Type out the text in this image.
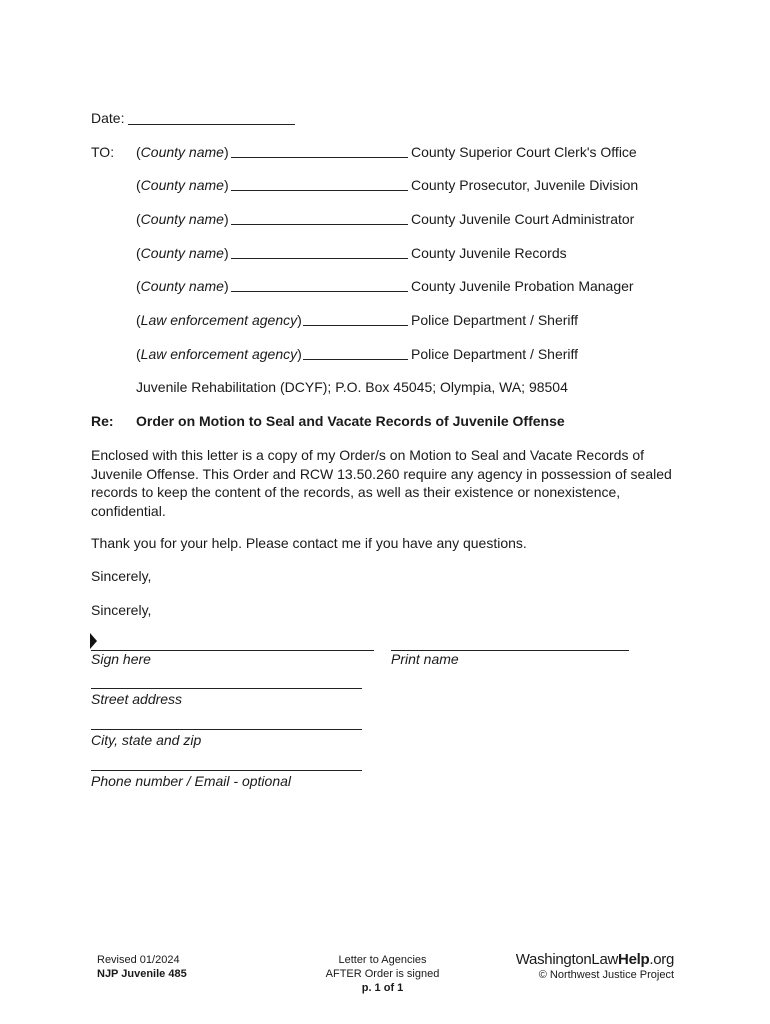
Date:
TO: (County name)	County Superior Court Clerk's Office
(County name)	County Prosecutor, Juvenile Division
(County name)	County Juvenile Court Administrator
(County name)	County Juvenile Records
(County name)	County Juvenile Probation Manager
(Law enforcement agency)	Police Department / Sheriff
(Law enforcement agency)	Police Department / Sheriff
Juvenile Rehabilitation (DCYF); P.O. Box 45045; Olympia, WA; 98504
Re: Order on Motion to Seal and Vacate Records of Juvenile Offense
Enclosed with this letter is a copy of my Order/s on Motion to Seal and Vacate Records of Juvenile Offense. This Order and RCW 13.50.260 require any agency in possession of sealed records to keep the content of the records, as well as their existence or nonexistence, confidential.
Thank you for your help. Please contact me if you have any questions.
Sincerely,
Sincerely,
Sign here	Print name
Street address
City, state and zip
Phone number / Email - optional
Revised 01/2024
NJP Juvenile 485
Letter to Agencies
AFTER Order is signed
p. 1 of 1
WashingtonLawHelp.org
© Northwest Justice Project
